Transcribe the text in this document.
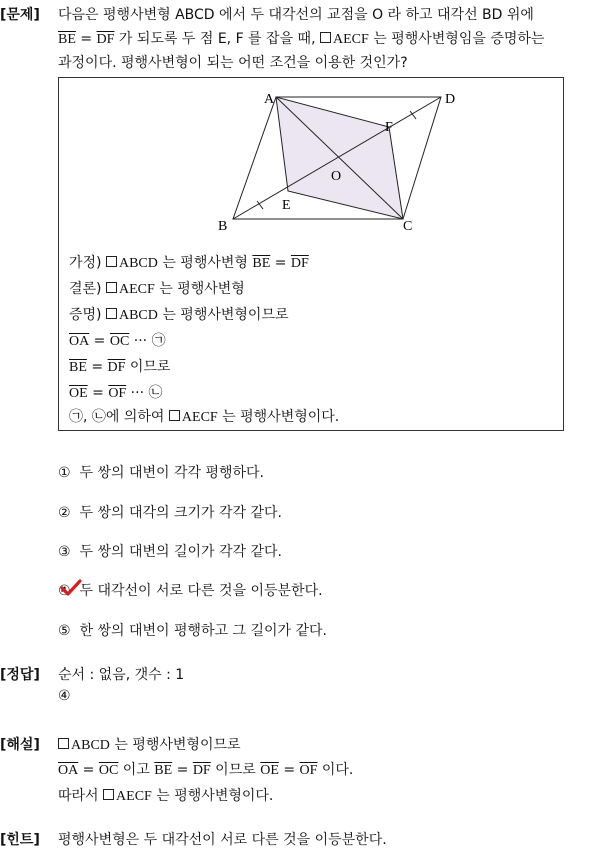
[문제] 다음은 평행사변형 ABCD 에서 두 대각선의 교점을 O 라 하고 대각선 BD 위에
$\overline{BE} = \overline{DF}$ 가 되도록 두 점 E, F 를 잡을 때, AECF 는 평행사변형임을 증명하는
과정이다. 평행사변형이 되는 어떤 조건을 이용한 것인가?
A	D
F
O
E
B	C
가정) ABCD 는 평행사변형 $\overline{BE} = \overline{DF}$
결론) AECF 는 평행사변형
증명) ABCD 는 평행사변형이므로
$\overline{OA} = \overline{OC}$ ··· ㉠
$\overline{BE} = \overline{DF}$ 이므로
$\overline{OE} = \overline{OF}$ ··· ㉡
㉠, ㉡에 의하여 AECF 는 평행사변형이다.
① 두 쌍의 대변이 각각 평행하다.
② 두 쌍의 대각의 크기가 각각 같다.
③ 두 쌍의 대변의 길이가 각각 같다.
④ 두 대각선이 서로 다른 것을 이등분한다.
⑤ 한 쌍의 대변이 평행하고 그 길이가 같다.
[정답] 순서 : 없음, 갯수 : 1
④
[해설]	ABCD 는 평행사변형이므로
$\overline{OA} = \overline{OC}$ 이고 $\overline{BE} = \overline{DF}$ 이므로 $\overline{OE} = \overline{OF}$ 이다.
따라서 AECF 는 평행사변형이다.
[힌트] 평행사변형은 두 대각선이 서로 다른 것을 이등분한다.
